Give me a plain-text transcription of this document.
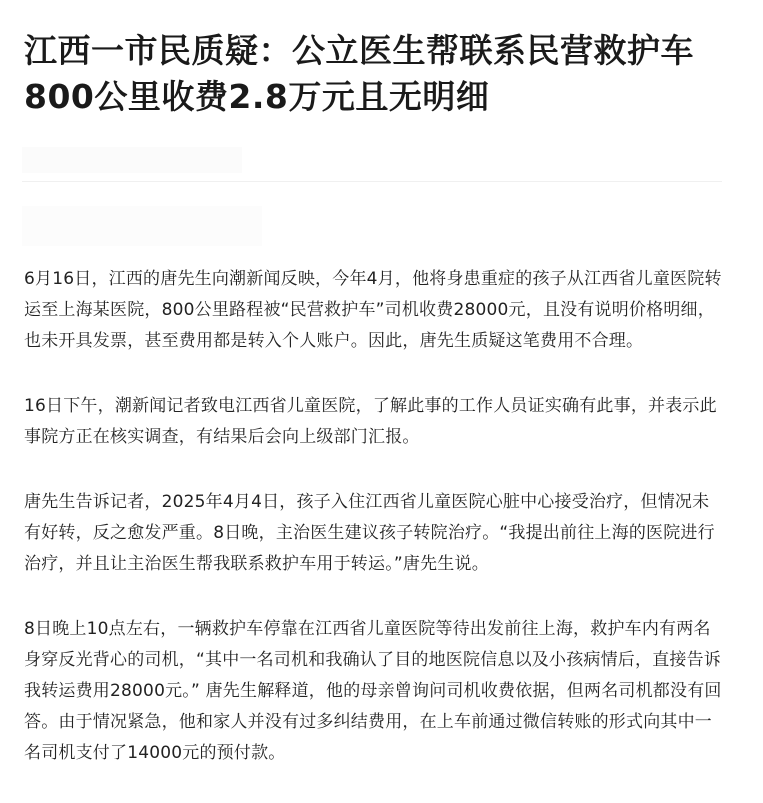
江西一市民质疑：公立医生帮联系民营救护车 800公里收费2.8万元且无明细

6月16日，江西的唐先生向潮新闻反映，今年4月，他将身患重症的孩子从江西省儿童医院转运至上海某医院，800公里路程被“民营救护车”司机收费28000元，且没有说明价格明细，也未开具发票，甚至费用都是转入个人账户。因此，唐先生质疑这笔费用不合理。

16日下午，潮新闻记者致电江西省儿童医院，了解此事的工作人员证实确有此事，并表示此事院方正在核实调查，有结果后会向上级部门汇报。

唐先生告诉记者，2025年4月4日，孩子入住江西省儿童医院心脏中心接受治疗，但情况未有好转，反之愈发严重。8日晚，主治医生建议孩子转院治疗。“我提出前往上海的医院进行治疗，并且让主治医生帮我联系救护车用于转运。”唐先生说。

8日晚上10点左右，一辆救护车停靠在江西省儿童医院等待出发前往上海，救护车内有两名身穿反光背心的司机，“其中一名司机和我确认了目的地医院信息以及小孩病情后，直接告诉我转运费用28000元。” 唐先生解释道，他的母亲曾询问司机收费依据，但两名司机都没有回答。由于情况紧急，他和家人并没有过多纠结费用，在上车前通过微信转账的形式向其中一名司机支付了14000元的预付款。
